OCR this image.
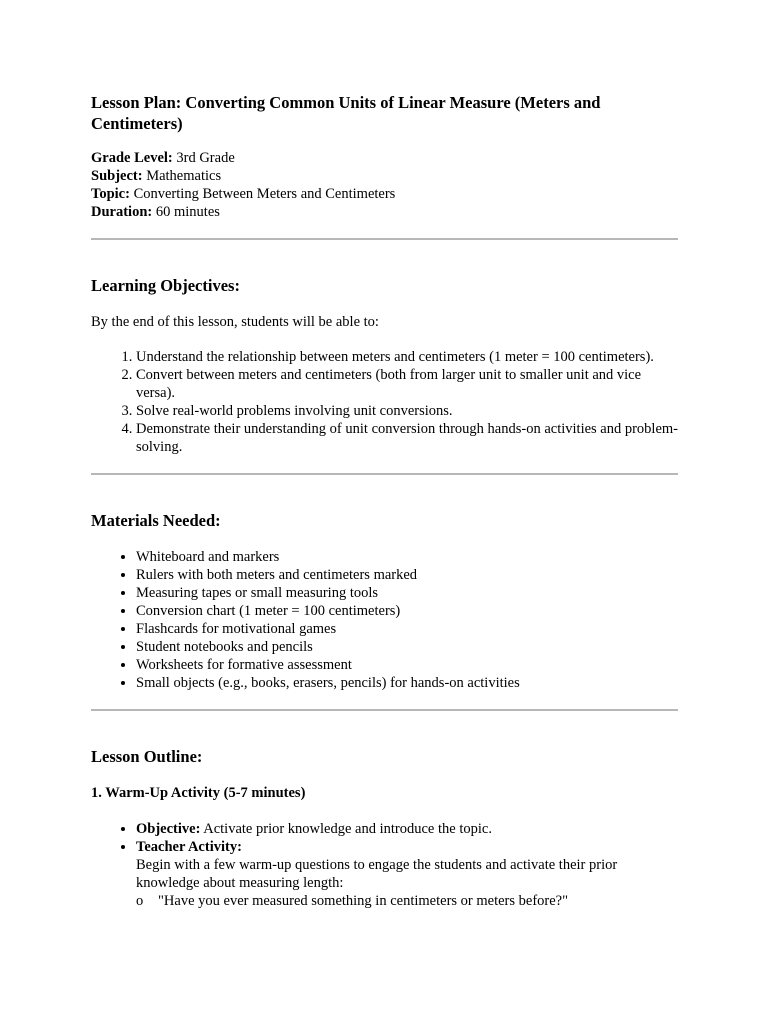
Lesson Plan: Converting Common Units of Linear Measure (Meters and Centimeters)

Grade Level: 3rd Grade

Subject: Mathematics

Topic: Converting Between Meters and Centimeters

Duration: 60 minutes

Learning Objectives:

By the end of this lesson, students will be able to:

1. Understand the relationship between meters and centimeters (1 meter = 100 centimeters).
2. Convert between meters and centimeters (both from larger unit to smaller unit and vice versa).
3. Solve real-world problems involving unit conversions.
4. Demonstrate their understanding of unit conversion through hands-on activities and problem-solving.
Materials Needed:
• Whiteboard and markers
• Rulers with both meters and centimeters marked
• Measuring tapes or small measuring tools
• Conversion chart (1 meter = 100 centimeters)
• Flashcards for motivational games
• Student notebooks and pencils
• Worksheets for formative assessment
• Small objects (e.g., books, erasers, pencils) for hands-on activities
Lesson Outline:
1. Warm-Up Activity (5-7 minutes)
• Objective: Activate prior knowledge and introduce the topic.
• Teacher Activity:
Begin with a few warm-up questions to engage the students and activate their prior knowledge about measuring length:
o "Have you ever measured something in centimeters or meters before?"
